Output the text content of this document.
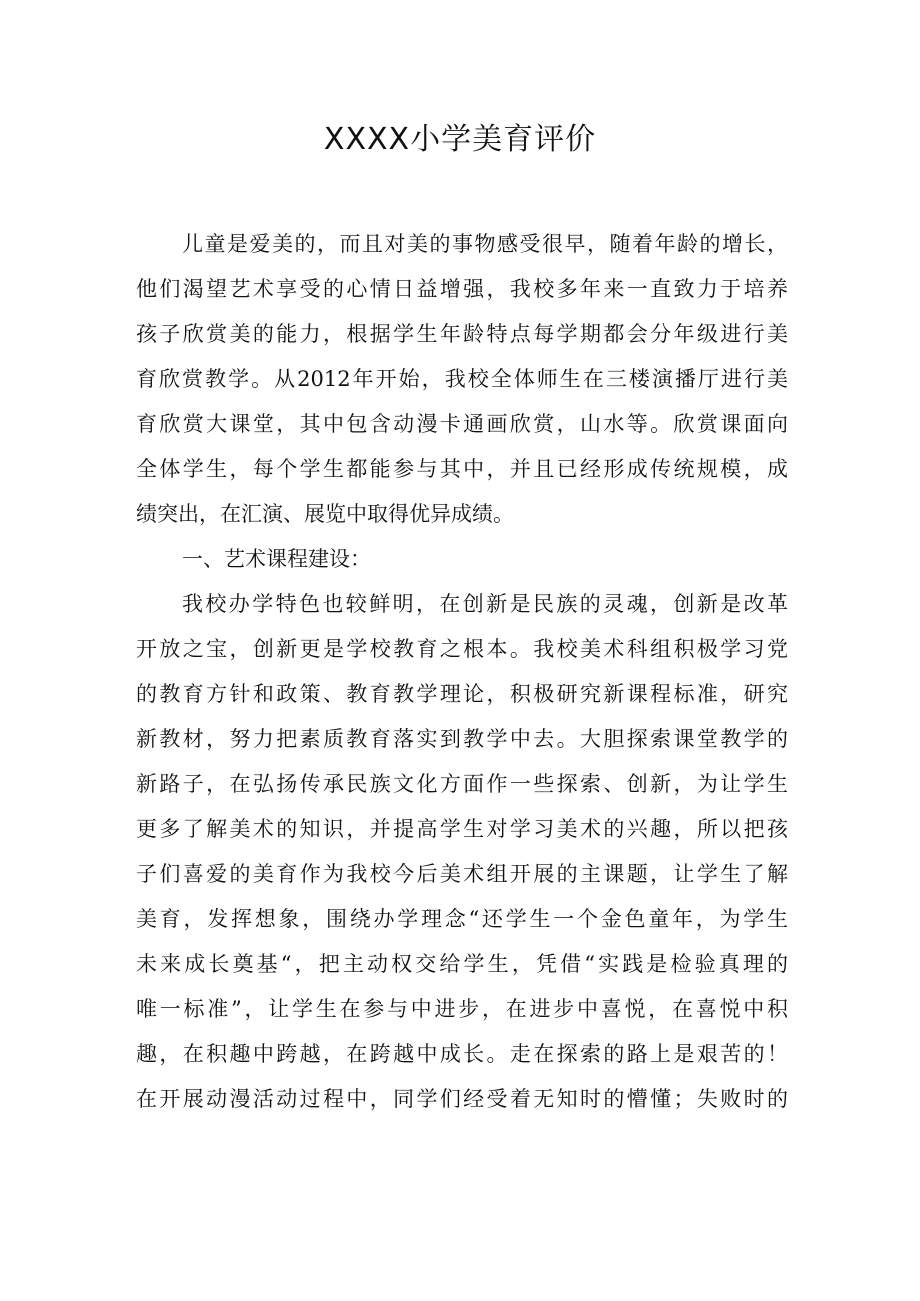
XXXX小学美育评价
儿童是爱美的，而且对美的事物感受很早，随着年龄的增长，
他们渴望艺术享受的心情日益增强，我校多年来一直致力于培养
孩子欣赏美的能力，根据学生年龄特点每学期都会分年级进行美
育欣赏教学。从2012年开始，我校全体师生在三楼演播厅进行美
育欣赏大课堂，其中包含动漫卡通画欣赏，山水等。欣赏课面向
全体学生，每个学生都能参与其中，并且已经形成传统规模，成
绩突出，在汇演、展览中取得优异成绩。
一、艺术课程建设：
我校办学特色也较鲜明，在创新是民族的灵魂，创新是改革
开放之宝，创新更是学校教育之根本。我校美术科组积极学习党
的教育方针和政策、教育教学理论，积极研究新课程标准，研究
新教材，努力把素质教育落实到教学中去。大胆探索课堂教学的
新路子，在弘扬传承民族文化方面作一些探索、创新，为让学生
更多了解美术的知识，并提高学生对学习美术的兴趣，所以把孩
子们喜爱的美育作为我校今后美术组开展的主课题，让学生了解
美育，发挥想象，围绕办学理念“还学生一个金色童年，为学生
未来成长奠基“，把主动权交给学生，凭借“实践是检验真理的
唯一标准”，让学生在参与中进步，在进步中喜悦，在喜悦中积
趣，在积趣中跨越，在跨越中成长。走在探索的路上是艰苦的！
在开展动漫活动过程中，同学们经受着无知时的懵懂；失败时的
